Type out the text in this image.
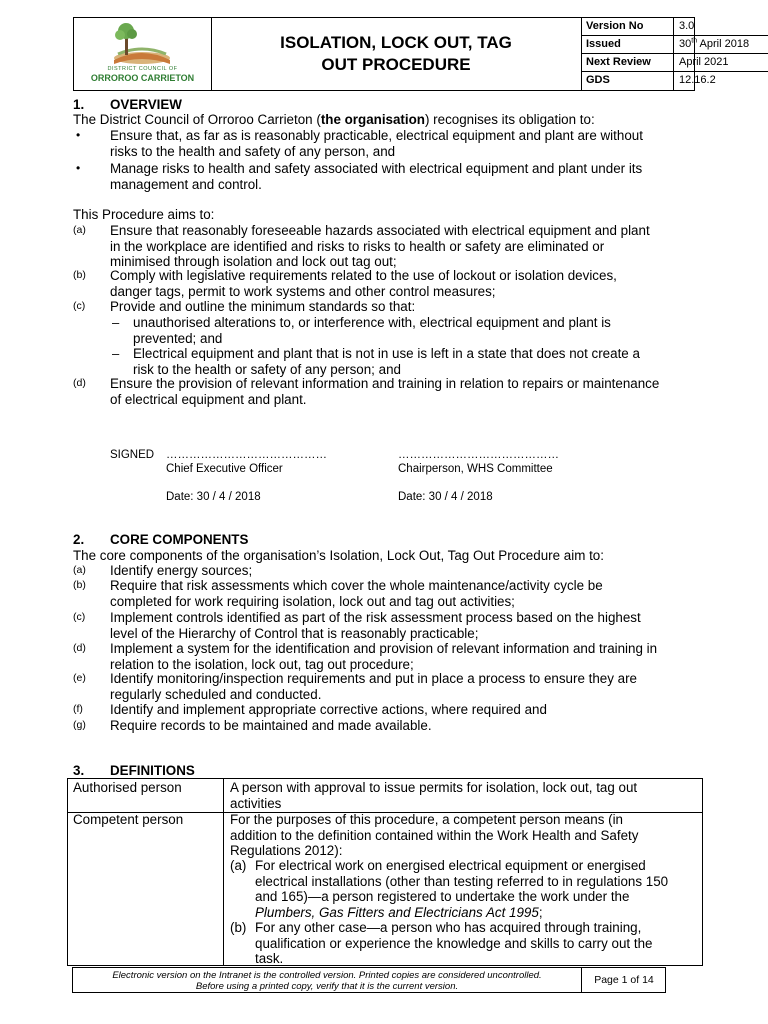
DISTRICT COUNCIL OF
ORROROO CARRIETON
ISOLATION, LOCK OUT, TAG
OUT PROCEDURE
Version No	3.0
Issued	30th April 2018
Next Review	April 2021
GDS	12.16.2
1. OVERVIEW
The District Council of Orroroo Carrieton (the organisation) recognises its obligation to:
• Ensure that, as far as is reasonably practicable, electrical equipment and plant are without
risks to the health and safety of any person, and
• Manage risks to health and safety associated with electrical equipment and plant under its
management and control.
This Procedure aims to:
(a) Ensure that reasonably foreseeable hazards associated with electrical equipment and plant
in the workplace are identified and risks to risks to health or safety are eliminated or
minimised through isolation and lock out tag out;
(b) Comply with legislative requirements related to the use of lockout or isolation devices,
danger tags, permit to work systems and other control measures;
(c) Provide and outline the minimum standards so that:
– unauthorised alterations to, or interference with, electrical equipment and plant is
prevented; and
– Electrical equipment and plant that is not in use is left in a state that does not create a
risk to the health or safety of any person; and
(d) Ensure the provision of relevant information and training in relation to repairs or maintenance
of electrical equipment and plant.
SIGNED ……………………………………	……………………………………
Chief Executive Officer	Chairperson, WHS Committee
Date: 30 / 4 / 2018	Date: 30 / 4 / 2018
2. CORE COMPONENTS
The core components of the organisation’s Isolation, Lock Out, Tag Out Procedure aim to:
(a) Identify energy sources;
(b) Require that risk assessments which cover the whole maintenance/activity cycle be
completed for work requiring isolation, lock out and tag out activities;
(c) Implement controls identified as part of the risk assessment process based on the highest
level of the Hierarchy of Control that is reasonably practicable;
(d) Implement a system for the identification and provision of relevant information and training in
relation to the isolation, lock out, tag out procedure;
(e) Identify monitoring/inspection requirements and put in place a process to ensure they are
regularly scheduled and conducted.
(f) Identify and implement appropriate corrective actions, where required and
(g) Require records to be maintained and made available.
3. DEFINITIONS
Authorised person	A person with approval to issue permits for isolation, lock out, tag out
activities
Competent person	For the purposes of this procedure, a competent person means (in
addition to the definition contained within the Work Health and Safety
Regulations 2012):
(a) For electrical work on energised electrical equipment or energised
electrical installations (other than testing referred to in regulations 150
and 165)—a person registered to undertake the work under the
Plumbers, Gas Fitters and Electricians Act 1995;
(b) For any other case—a person who has acquired through training,
qualification or experience the knowledge and skills to carry out the
task.
Electronic version on the Intranet is the controlled version. Printed copies are considered uncontrolled.
Before using a printed copy, verify that it is the current version.
Page 1 of 14
